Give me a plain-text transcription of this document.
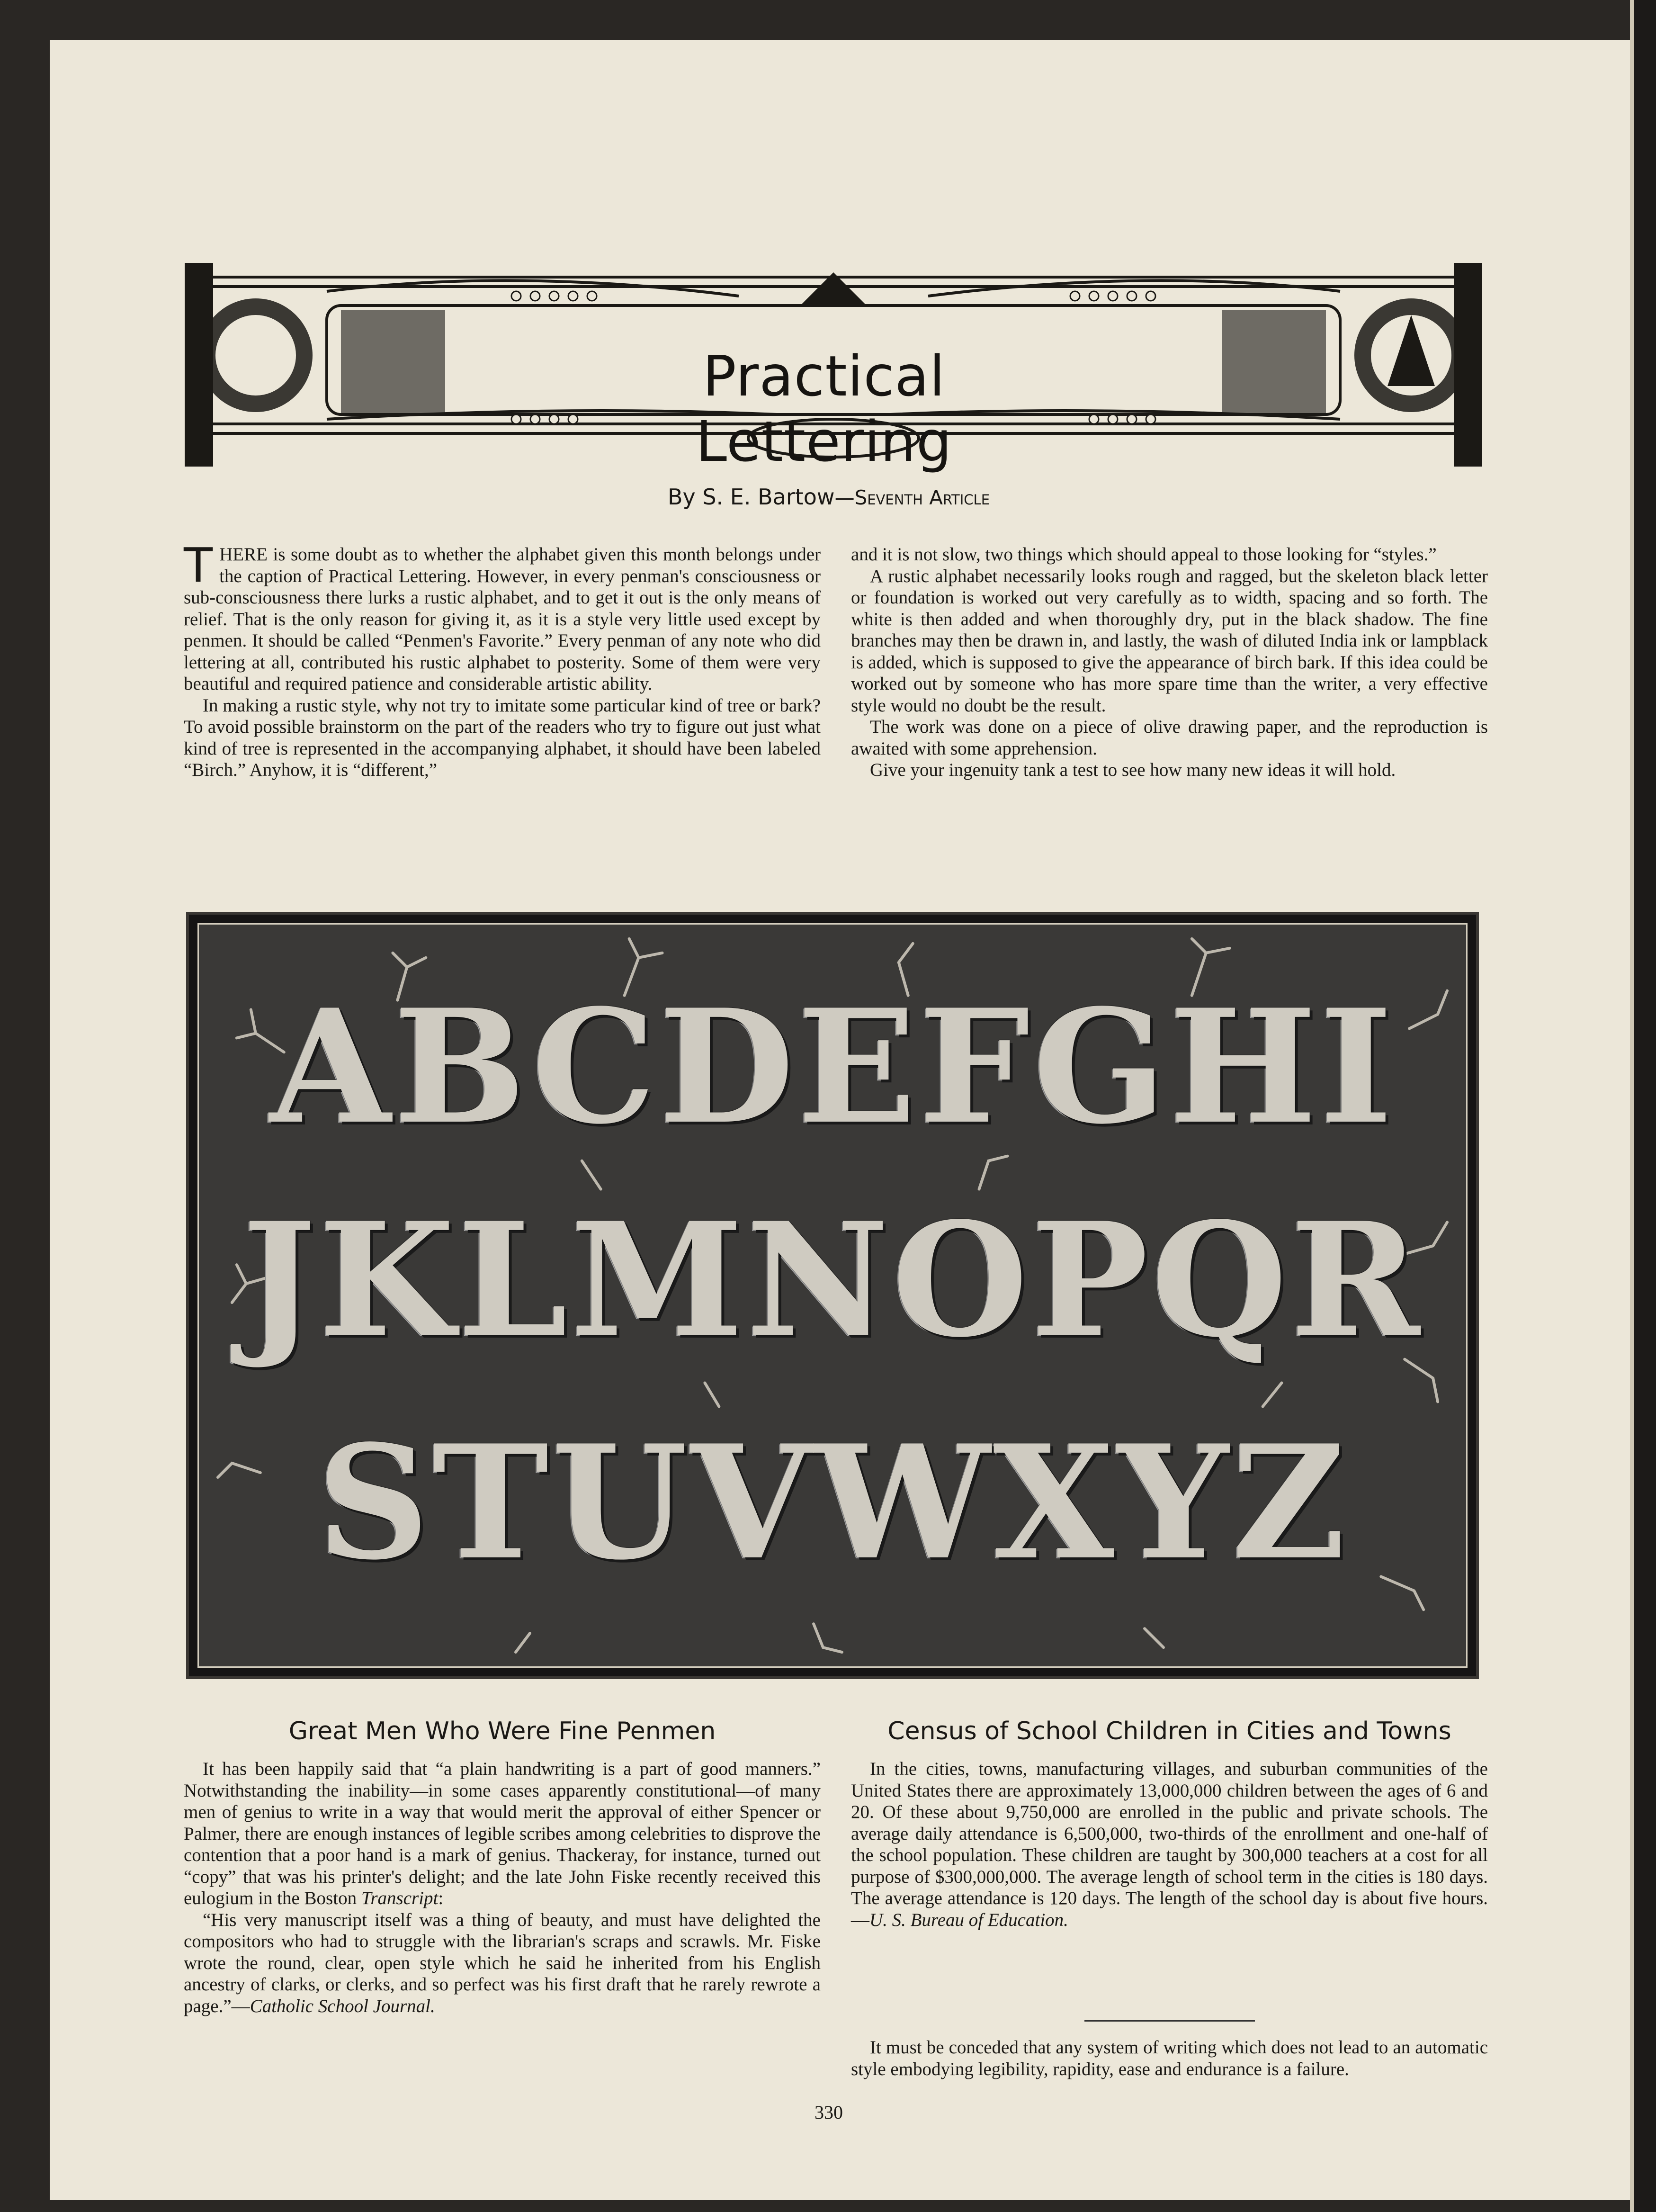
Practical Lettering
By S. E. Bartow—Seventh Article

THERE is some doubt as to whether the alphabet given this month belongs under the caption of Practical Lettering. However, in every penman's consciousness or sub-consciousness there lurks a rustic alphabet, and to get it out is the only means of relief. That is the only reason for giving it, as it is a style very little used except by penmen. It should be called “Penmen's Favorite.” Every penman of any note who did lettering at all, contributed his rustic alphabet to posterity. Some of them were very beautiful and required patience and considerable artistic ability.

In making a rustic style, why not try to imitate some particular kind of tree or bark? To avoid possible brainstorm on the part of the readers who try to figure out just what kind of tree is represented in the accompanying alphabet, it should have been labeled “Birch.” Anyhow, it is “different,”

and it is not slow, two things which should appeal to those looking for “styles.”

A rustic alphabet necessarily looks rough and ragged, but the skeleton black letter or foundation is worked out very carefully as to width, spacing and so forth. The white is then added and when thoroughly dry, put in the black shadow. The fine branches may then be drawn in, and lastly, the wash of diluted India ink or lampblack is added, which is supposed to give the appearance of birch bark. If this idea could be worked out by someone who has more spare time than the writer, a very effective style would no doubt be the result.

The work was done on a piece of olive drawing paper, and the reproduction is awaited with some apprehension.

Give your ingenuity tank a test to see how many new ideas it will hold.

ABCDEFGHI
JKLMNOPQR
STUVWXYZ
Great Men Who Were Fine Penmen

It has been happily said that “a plain handwriting is a part of good manners.” Notwithstanding the inability—in some cases apparently constitutional—of many men of genius to write in a way that would merit the approval of either Spencer or Palmer, there are enough instances of legible scribes among celebrities to disprove the contention that a poor hand is a mark of genius. Thackeray, for instance, turned out “copy” that was his printer's delight; and the late John Fiske recently received this eulogium in the Boston Transcript:

“His very manuscript itself was a thing of beauty, and must have delighted the compositors who had to struggle with the librarian's scraps and scrawls. Mr. Fiske wrote the round, clear, open style which he said he inherited from his English ancestry of clarks, or clerks, and so perfect was his first draft that he rarely rewrote a page.”—Catholic School Journal.

Census of School Children in Cities and Towns

In the cities, towns, manufacturing villages, and suburban communities of the United States there are approximately 13,000,000 children between the ages of 6 and 20. Of these about 9,750,000 are enrolled in the public and private schools. The average daily attendance is 6,500,000, two-thirds of the enrollment and one-half of the school population. These children are taught by 300,000 teachers at a cost for all purpose of $300,000,000. The average length of school term in the cities is 180 days. The average attendance is 120 days. The length of the school day is about five hours.—U. S. Bureau of Education.

It must be conceded that any system of writing which does not lead to an automatic style embodying legibility, rapidity, ease and endurance is a failure.

330
